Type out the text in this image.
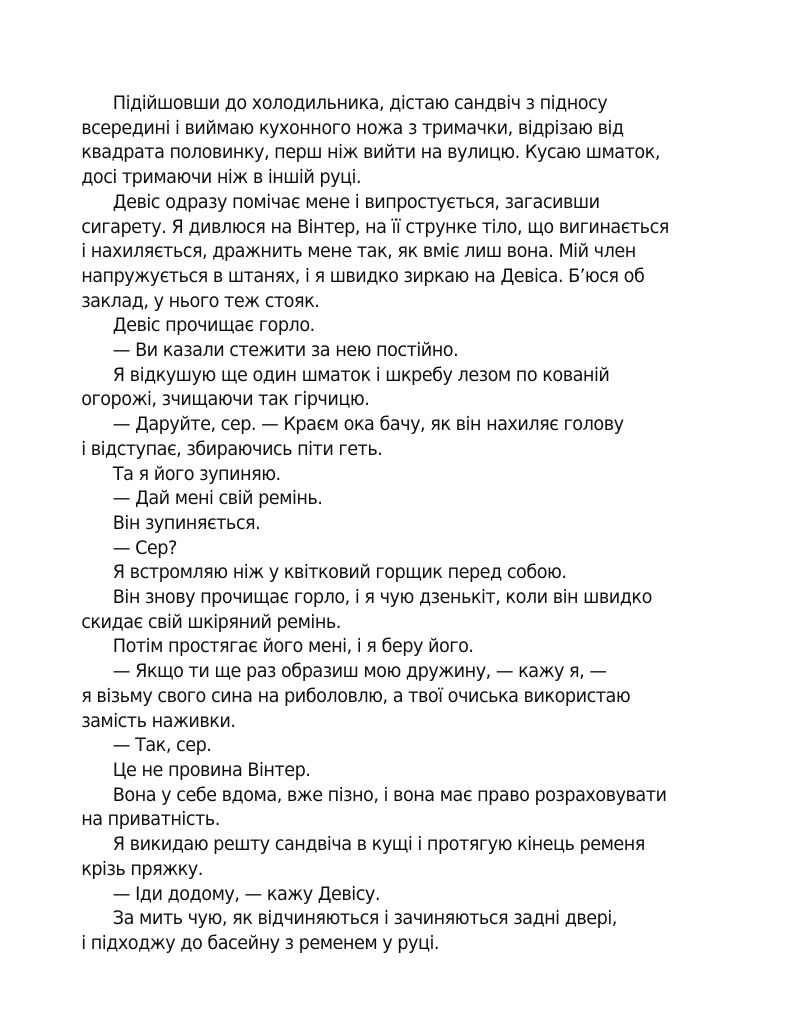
Підійшовши до холодильника, дістаю сандвіч з підносу
всередині і виймаю кухонного ножа з тримачки, відрізаю від
квадрата половинку, перш ніж вийти на вулицю. Кусаю шматок,
досі тримаючи ніж в іншій руці.

Девіс одразу помічає мене і випростується, загасивши
сигарету. Я дивлюся на Вінтер, на її струнке тіло, що вигинається
і нахиляється, дражнить мене так, як вміє лиш вона. Мій член
напружується в штанях, і я швидко зиркаю на Девіса. Б’юся об
заклад, у нього теж стояк.

Девіс прочищає горло.

— Ви казали стежити за нею постійно.

Я відкушую ще один шматок і шкребу лезом по кованій
огорожі, зчищаючи так гірчицю.

— Даруйте, сер. — Краєм ока бачу, як він нахиляє голову
і відступає, збираючись піти геть.

Та я його зупиняю.

— Дай мені свій ремінь.

Він зупиняється.

— Сер?

Я встромляю ніж у квітковий горщик перед собою.

Він знову прочищає горло, і я чую дзенькіт, коли він швидко
скидає свій шкіряний ремінь.

Потім простягає його мені, і я беру його.

— Якщо ти ще раз образиш мою дружину, — кажу я, —
я візьму свого сина на риболовлю, а твої очиська використаю
замість наживки.

— Так, сер.

Це не провина Вінтер.

Вона у себе вдома, вже пізно, і вона має право розраховувати
на приватність.

Я викидаю решту сандвіча в кущі і протягую кінець ременя
крізь пряжку.

— Іди додому, — кажу Девісу.

За мить чую, як відчиняються і зачиняються задні двері,
і підходжу до басейну з ременем у руці.
